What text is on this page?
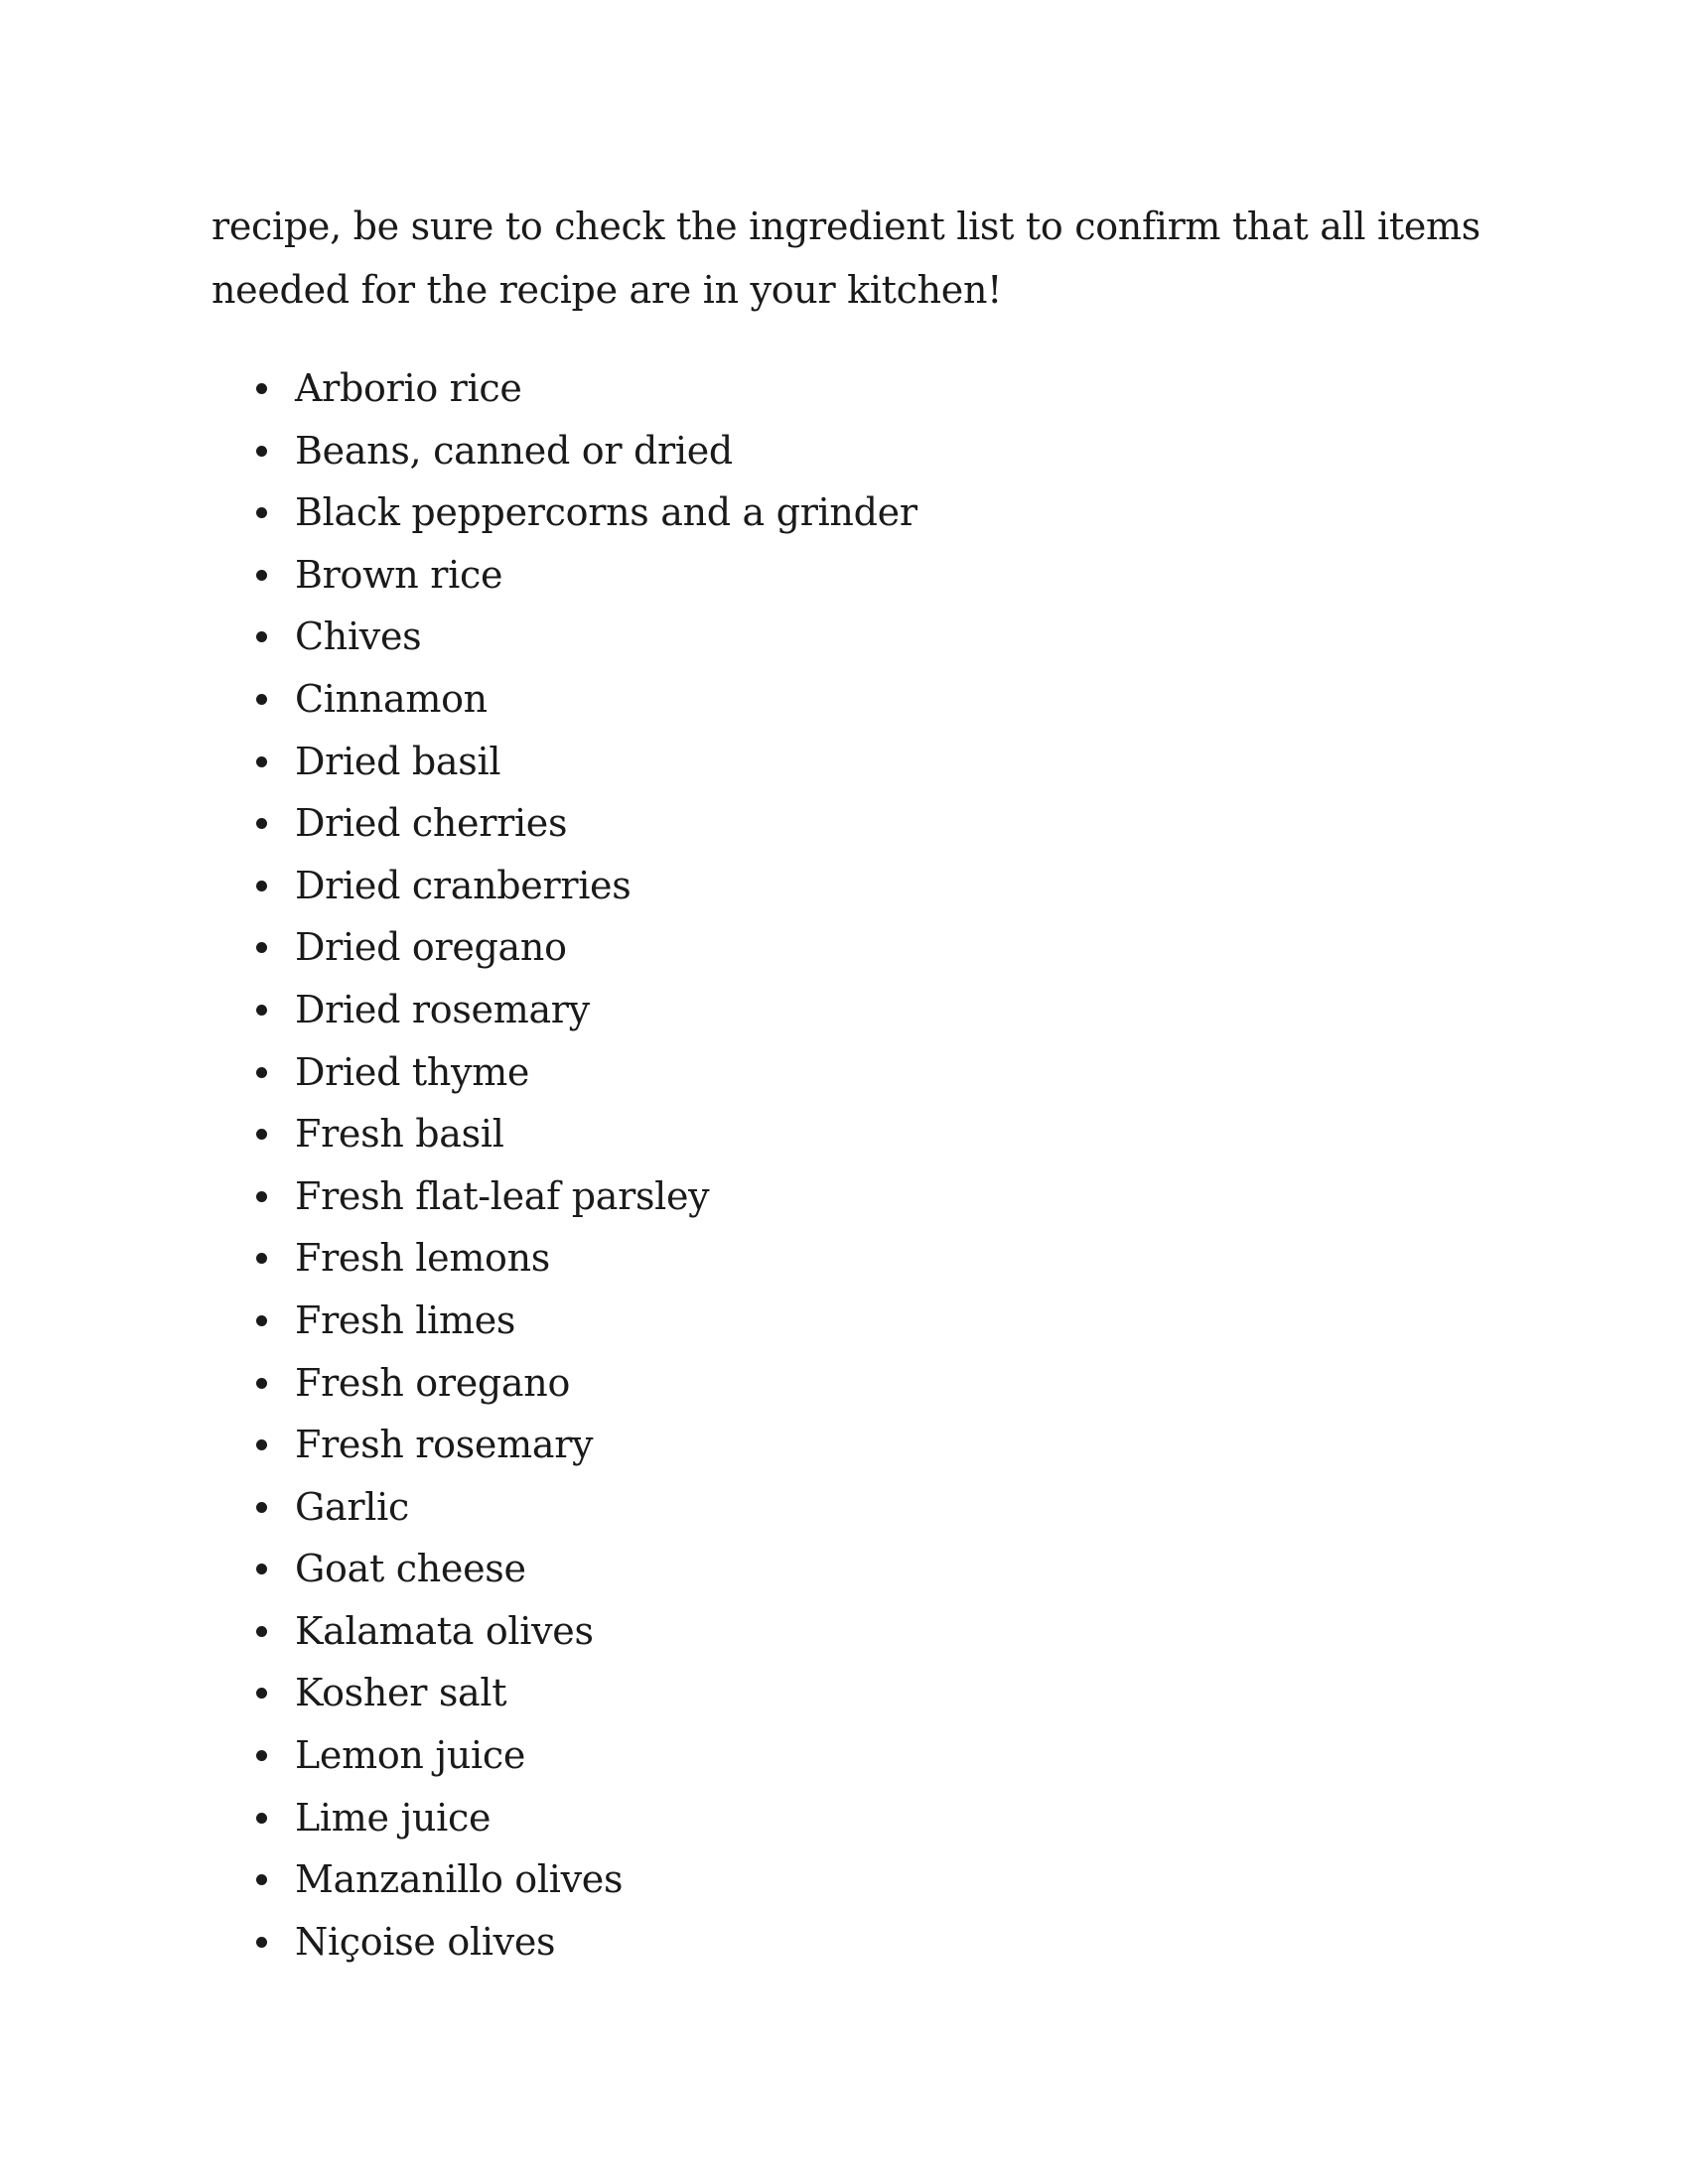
recipe, be sure to check the ingredient list to confirm that all items needed for the recipe are in your kitchen!

Arborio rice
Beans, canned or dried
Black peppercorns and a grinder
Brown rice
Chives
Cinnamon
Dried basil
Dried cherries
Dried cranberries
Dried oregano
Dried rosemary
Dried thyme
Fresh basil
Fresh flat-leaf parsley
Fresh lemons
Fresh limes
Fresh oregano
Fresh rosemary
Garlic
Goat cheese
Kalamata olives
Kosher salt
Lemon juice
Lime juice
Manzanillo olives
Niçoise olives
